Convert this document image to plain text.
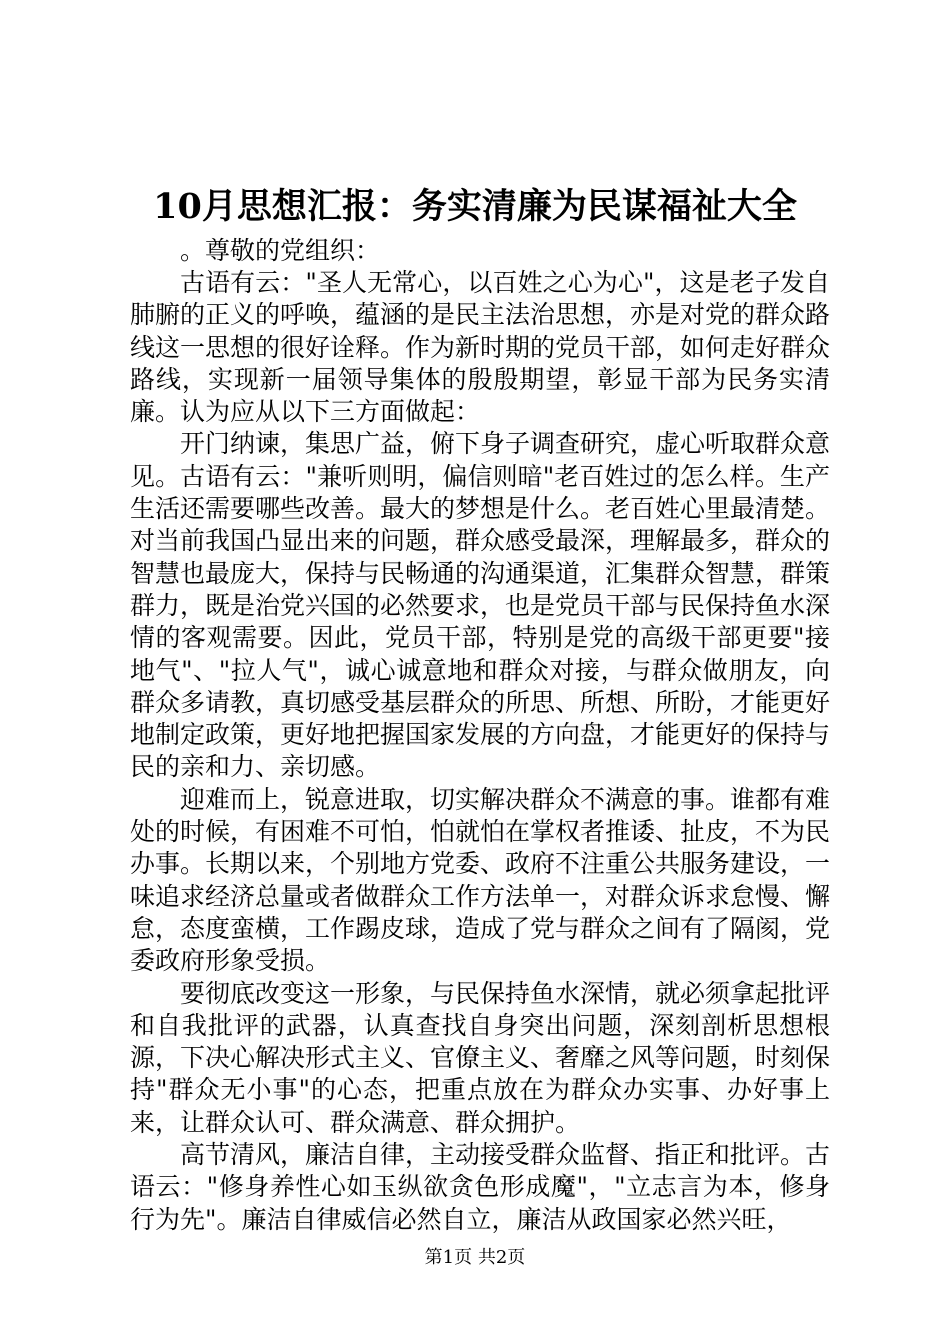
10月思想汇报：务实清廉为民谋福祉大全

。尊敬的党组织：

古语有云："圣人无常心，以百姓之心为心"，这是老子发自肺腑的正义的呼唤，蕴涵的是民主法治思想，亦是对党的群众路线这一思想的很好诠释。作为新时期的党员干部，如何走好群众路线，实现新一届领导集体的殷殷期望，彰显干部为民务实清廉。认为应从以下三方面做起：

开门纳谏，集思广益，俯下身子调查研究，虚心听取群众意见。古语有云："兼听则明，偏信则暗"老百姓过的怎么样。生产生活还需要哪些改善。最大的梦想是什么。老百姓心里最清楚。对当前我国凸显出来的问题，群众感受最深，理解最多，群众的智慧也最庞大，保持与民畅通的沟通渠道，汇集群众智慧，群策群力，既是治党兴国的必然要求，也是党员干部与民保持鱼水深情的客观需要。因此，党员干部，特别是党的高级干部更要"接地气"、"拉人气"，诚心诚意地和群众对接，与群众做朋友，向群众多请教，真切感受基层群众的所思、所想、所盼，才能更好地制定政策，更好地把握国家发展的方向盘，才能更好的保持与民的亲和力、亲切感。

迎难而上，锐意进取，切实解决群众不满意的事。谁都有难处的时候，有困难不可怕，怕就怕在掌权者推诿、扯皮，不为民办事。长期以来，个别地方党委、政府不注重公共服务建设，一味追求经济总量或者做群众工作方法单一，对群众诉求怠慢、懈怠，态度蛮横，工作踢皮球，造成了党与群众之间有了隔阂，党委政府形象受损。

要彻底改变这一形象，与民保持鱼水深情，就必须拿起批评和自我批评的武器，认真查找自身突出问题，深刻剖析思想根源，下决心解决形式主义、官僚主义、奢靡之风等问题，时刻保持"群众无小事"的心态，把重点放在为群众办实事、办好事上来，让群众认可、群众满意、群众拥护。

高节清风，廉洁自律，主动接受群众监督、指正和批评。古语云："修身养性心如玉纵欲贪色形成魔"，"立志言为本，修身行为先"。廉洁自律威信必然自立，廉洁从政国家必然兴旺，

第1页 共2页
